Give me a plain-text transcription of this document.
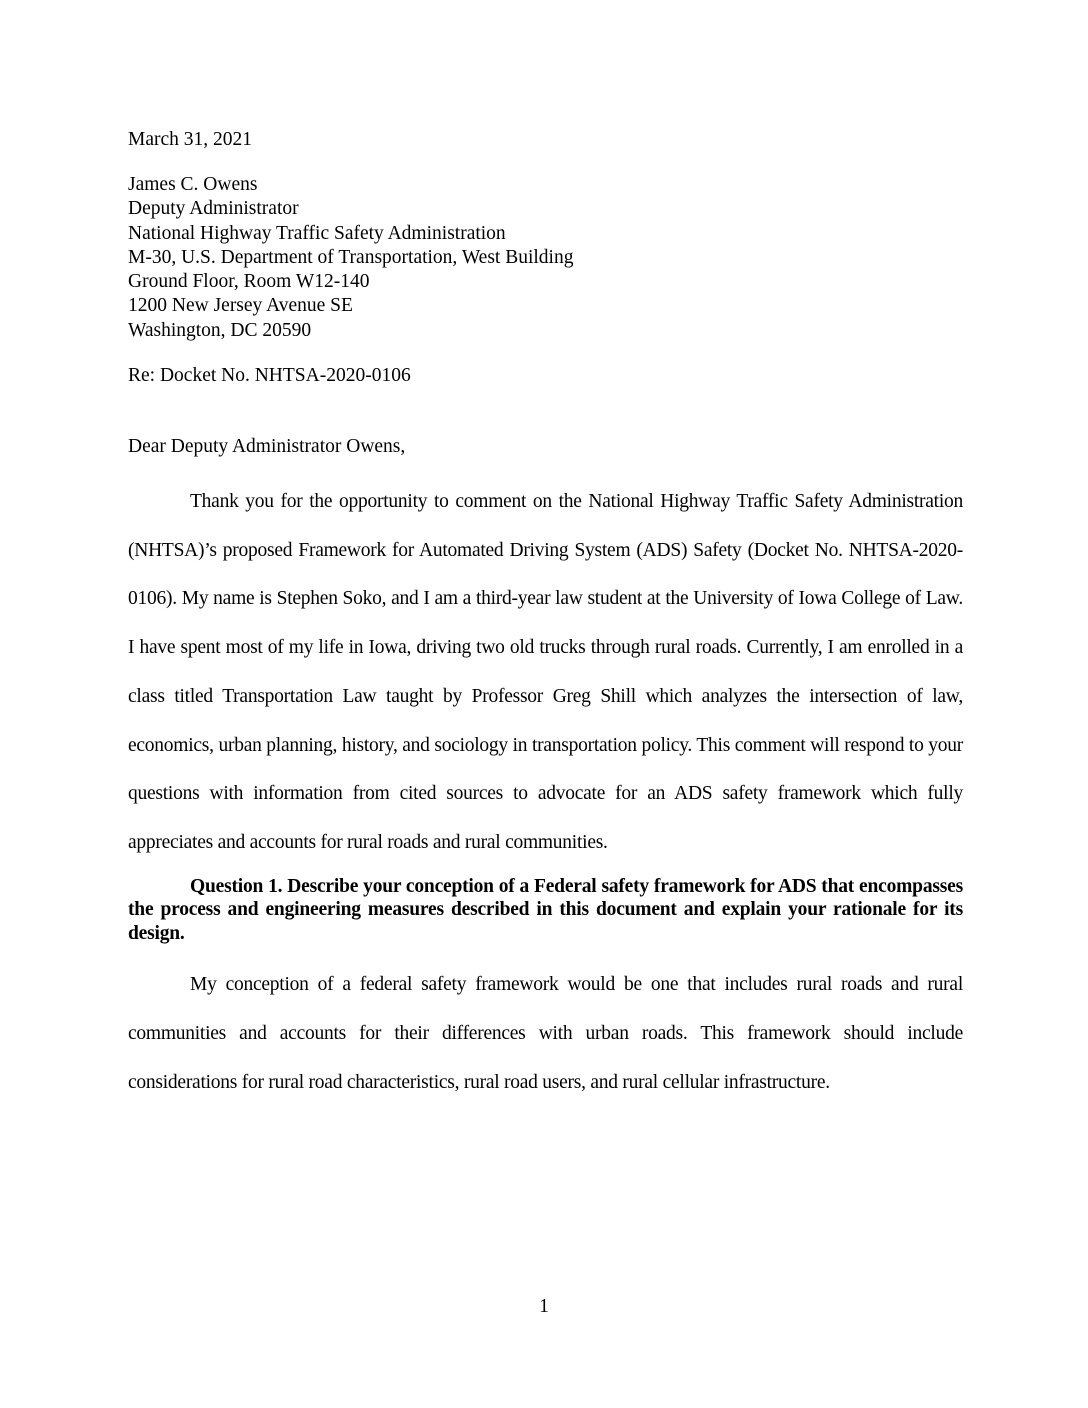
March 31, 2021

James C. Owens
Deputy Administrator
National Highway Traffic Safety Administration
M-30, U.S. Department of Transportation, West Building
Ground Floor, Room W12-140
1200 New Jersey Avenue SE
Washington, DC 20590

Re: Docket No. NHTSA-2020-0106

Dear Deputy Administrator Owens,

Thank you for the opportunity to comment on the National Highway Traffic Safety Administration (NHTSA)’s proposed Framework for Automated Driving System (ADS) Safety (Docket No. NHTSA-2020-0106). My name is Stephen Soko, and I am a third-year law student at the University of Iowa College of Law. I have spent most of my life in Iowa, driving two old trucks through rural roads. Currently, I am enrolled in a class titled Transportation Law taught by Professor Greg Shill which analyzes the intersection of law, economics, urban planning, history, and sociology in transportation policy. This comment will respond to your questions with information from cited sources to advocate for an ADS safety framework which fully appreciates and accounts for rural roads and rural communities.

Question 1. Describe your conception of a Federal safety framework for ADS that encompasses the process and engineering measures described in this document and explain your rationale for its design.

My conception of a federal safety framework would be one that includes rural roads and rural communities and accounts for their differences with urban roads. This framework should include considerations for rural road characteristics, rural road users, and rural cellular infrastructure.

1
